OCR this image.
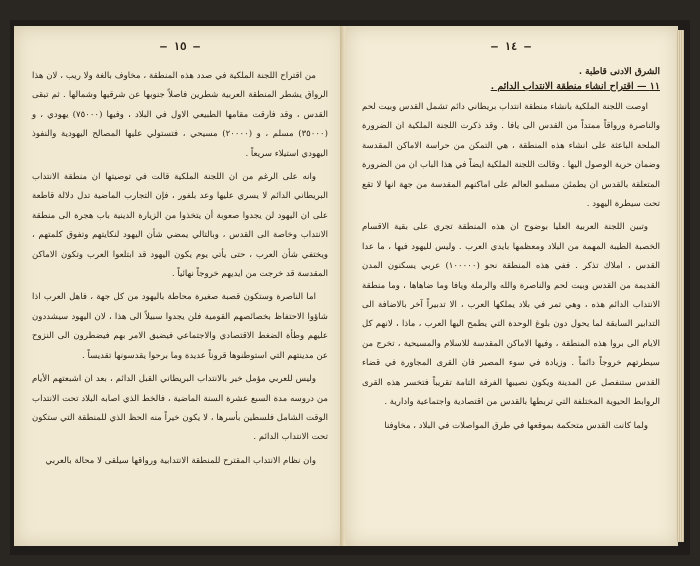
— ١٥ —

من اقتراح اللجنة الملكية في صدد هذه المنطقة ، مخاوف بالغة ولا ريب ، لان هذا الرواق يشطر المنطقة العربية شطرين فاصلاً جنوبها عن شرقيها وشمالها . ثم تبقى القدس ، وقد فارقت مقامها الطبيعي الاول في البلاد ، وفيها (٧٥٠٠٠) يهودي ، و (٣٥٠٠٠) مسلم ، و (٢٠٠٠٠) مسيحي ، فتستولي عليها المصالح اليهودية والنفوذ اليهودي استيلاء سريعاً .

وانه على الرغم من ان اللجنة الملكية قالت في توصيتها ان منطقة الانتداب البريطاني الدائم لا يسري عليها وعد بلفور ، فإن التجارب الماضية تدل دلالة قاطعة على ان اليهود لن يجدوا صعوبة أن يتخذوا من الزيارة الدينية باب هجرة الى منطقة الانتداب وخاصة الى القدس ، وبالتالي يمضي شأن اليهود لنكايتهم وتفوق كلمتهم ، ويختفي شأن العرب ، حتى يأتي يوم يكون اليهود قد ابتلعوا العرب وتكون الاماكن المقدسة قد خرجت من ايديهم خروجاً نهائياً .

اما الناصرة وستكون قصبة صغيرة محاطة باليهود من كل جهة ، فاهل العرب اذا شاؤوا الاحتفاظ بخصائصهم القومية فلن يجدوا سبيلاً الى هذا ، لان اليهود سيشددون عليهم وطأة الضغط الاقتصادي والاجتماعي فيضيق الامر بهم فيضطرون الى النزوح عن مدينتهم التي استوطنوها قروناً عديدة وما برحوا يقدسونها تقديساً .

وليس للعربي مؤمل خير بالانتداب البريطاني القبل الدائم ، بعد ان اشبعتهم الأيام من دروسه مدة السبع عشرة السنة الماضية ، فالخط الذي اصابه البلاد تحت الانتداب الوقت الشامل فلسطين بأسرها ، لا يكون خيراً منه الحظ الذي للمنطقة التي ستكون تحت الانتداب الدائم .

وان نظام الانتداب المقترح للمنطقة الانتدابية ورواقها سيلقى لا محالة بالعربي

— ١٤ —
الشرق الادنى قاطبة .
١١ — اقتراح انشاء منطقة الانتداب الدائم .

اوصت اللجنة الملكية بانشاء منطقة انتداب بريطاني دائم تشمل القدس وبيت لحم والناصرة ورواقاً ممتداً من القدس الى يافا . وقد ذكرت اللجنة الملكية ان الضرورة الملحة الباعثة على انشاء هذه المنطقة ، هي التمكن من حراسة الاماكن المقدسة وضمان حرية الوصول اليها . وقالت اللجنة الملكية ايضاً في هذا الباب ان من الضرورة المتعلقة بالقدس ان يطمئن مسلمو العالم على اماكنهم المقدسة من جهة انها لا تقع تحت سيطرة اليهود .

وتبين اللجنة العربية العليا بوضوح ان هذه المنطقة تجري على بقية الاقسام الخصبة الطيبة المهمة من البلاد ومعظمها بايدي العرب . وليس لليهود فيها ، ما عدا القدس ، املاك تذكر . ففي هذه المنطقة نحو (١٠٠٠٠٠) عربي يسكنون المدن القديمة من القدس وبيت لحم والناصرة والله والرملة ويافا وما ضاهاها ، وما منطقة الانتداب الدائم هذه ، وهي تمر في بلاد يملكها العرب ، الا تدبيراً آخر بالاضافة الى التدابير السابقة لما يحول دون بلوغ الوحدة التي يطمح اليها العرب ، ماذا ، لانهم كل الايام الى بروا هذه المنطقة ، وفيها الاماكن المقدسة للاسلام والمسيحية ، تخرج من سيطرتهم خروجاً دائماً . وزيادة في سوء المصير فان القرى المجاورة في قضاء القدس ستنفصل عن المدينة ويكون نصيبها الفرقة التامة تقريباً فتخسر هذه القرى الروابط الحيوية المختلفة التي تربطها بالقدس من اقتصادية واجتماعية وادارية .

ولما كانت القدس متحكمة بموقعها في طرق المواصلات في البلاد ، مخاوفنا
